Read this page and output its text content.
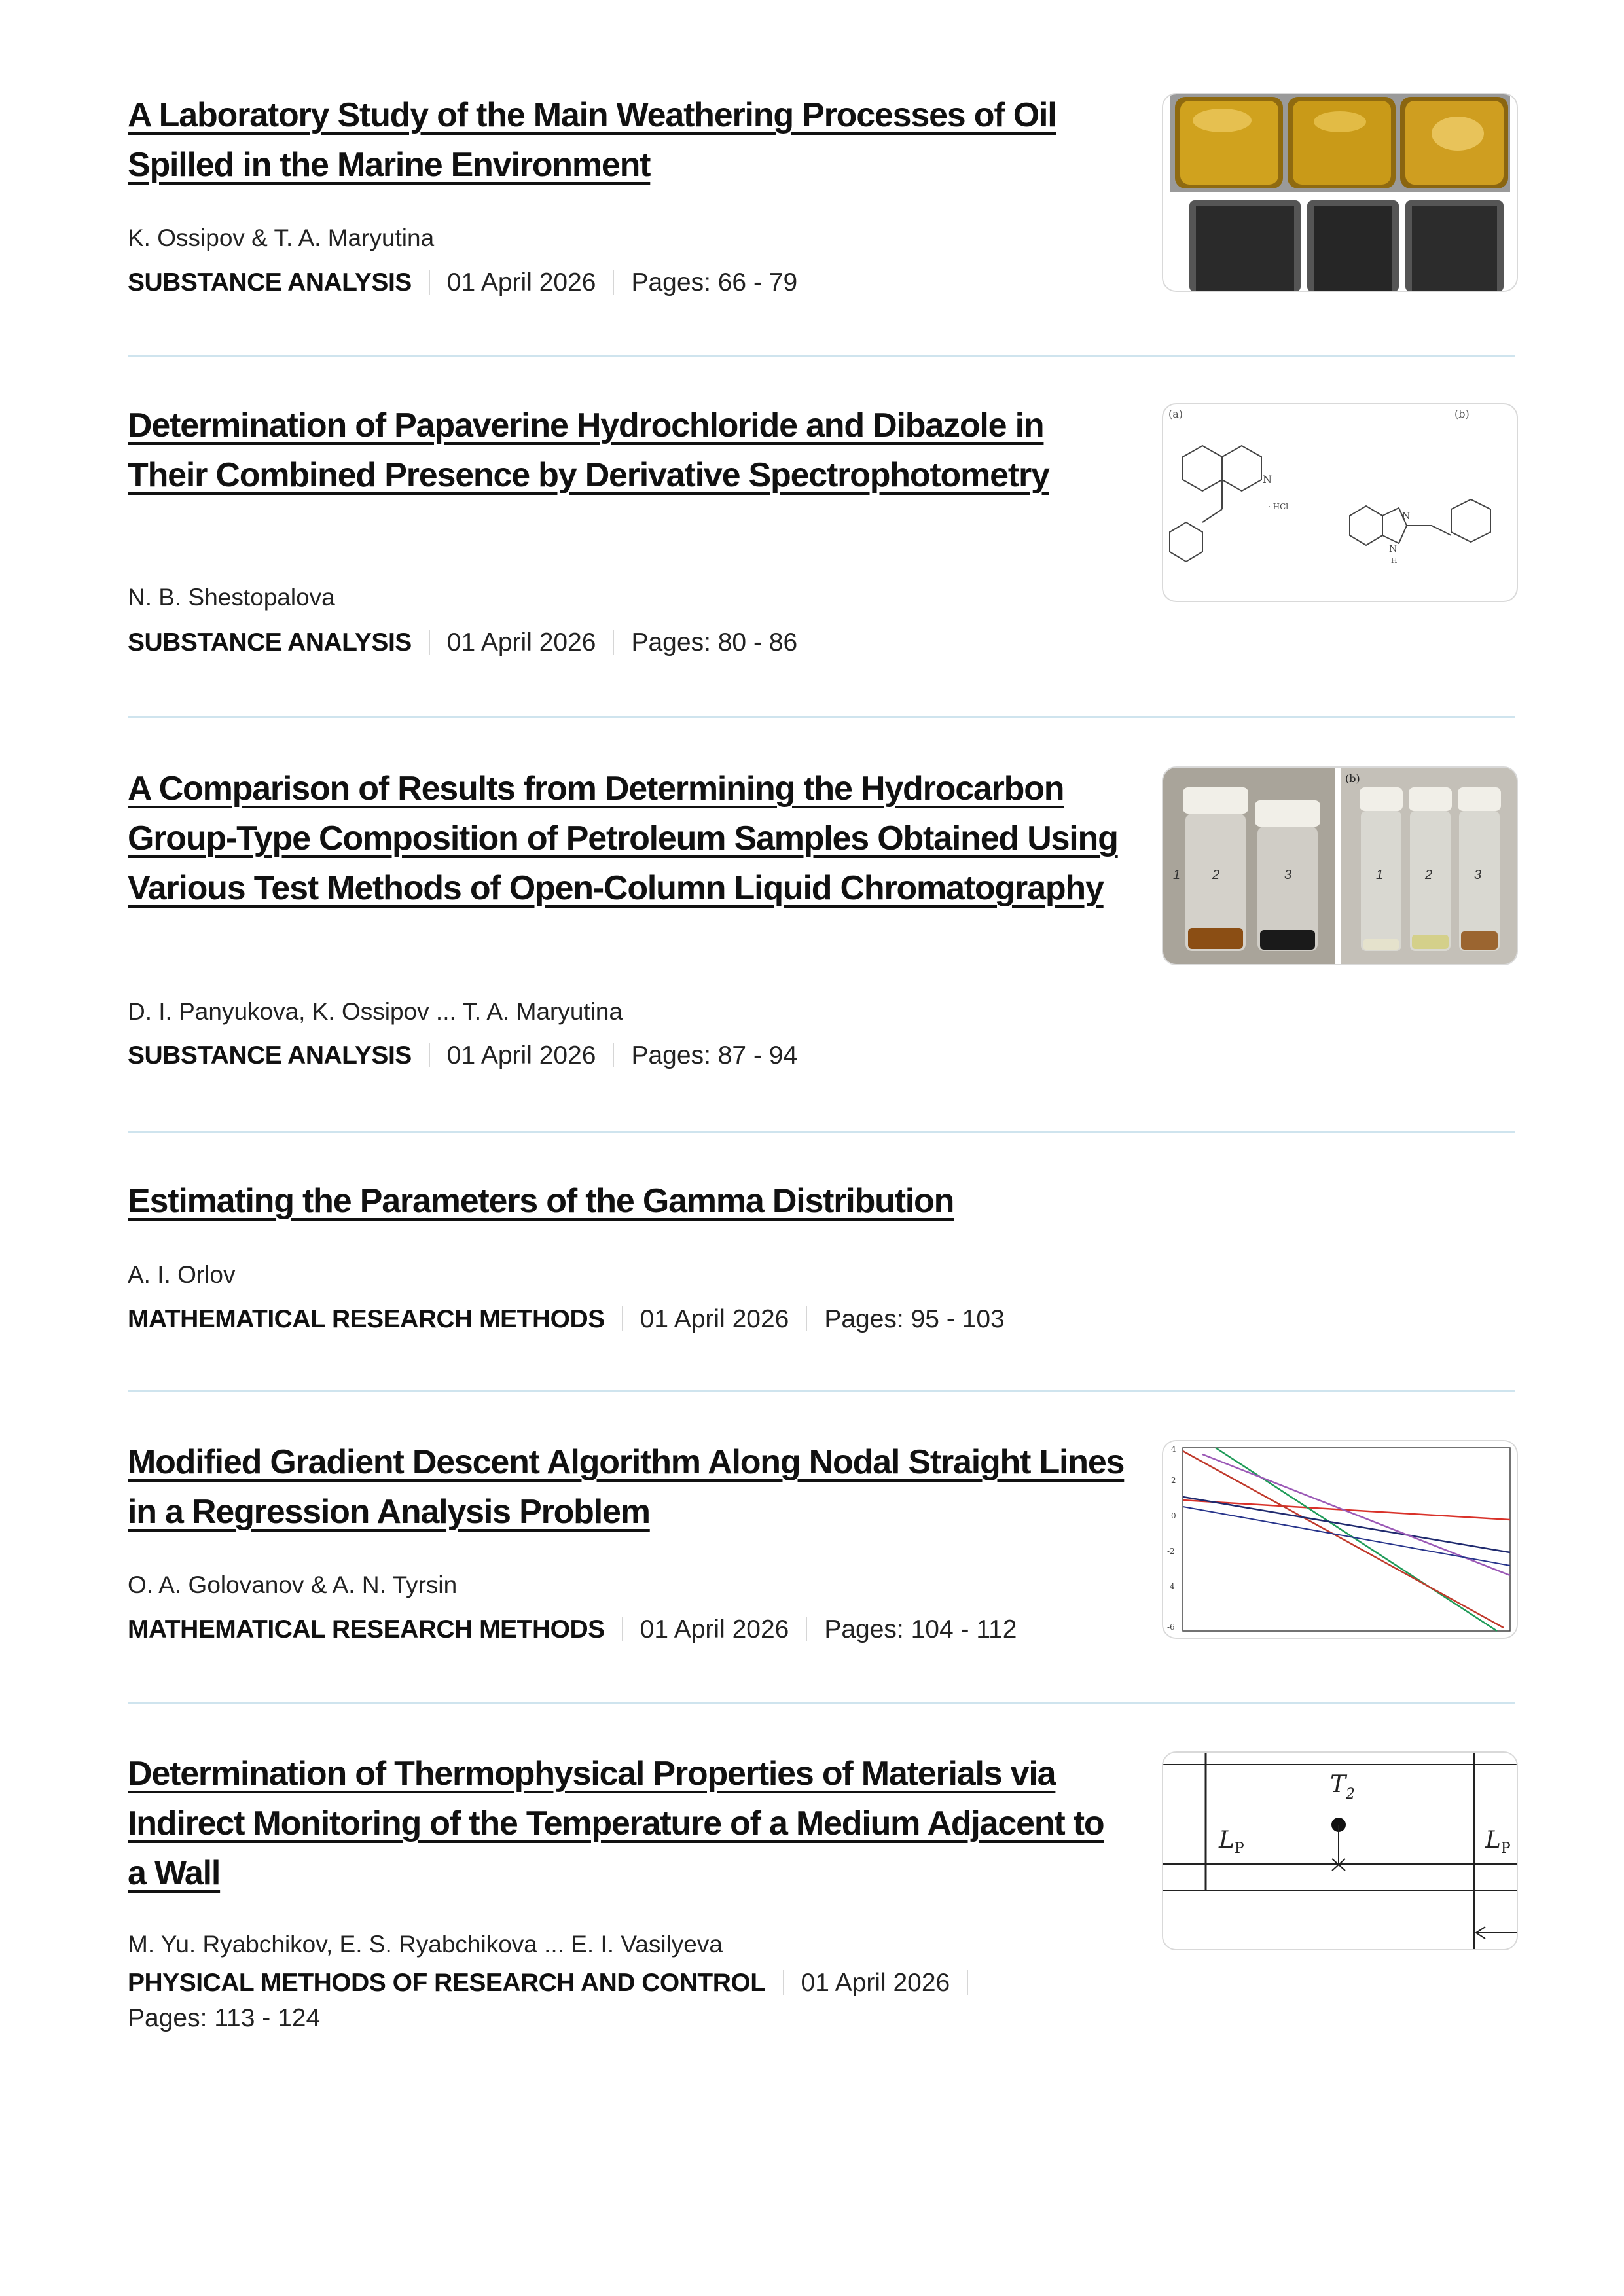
A Laboratory Study of the Main Weathering Processes of Oil Spilled in the Marine Environment
K. Ossipov & T. A. Maryutina
SUBSTANCE ANALYSIS 01 April 2026 Pages: 66 - 79
Determination of Papaverine Hydrochloride and Dibazole in Their Combined Presence by Derivative Spectrophotometry
N. B. Shestopalova
SUBSTANCE ANALYSIS 01 April 2026 Pages: 80 - 86
(a)	(b)
N
· HCl
N
N
H
A Comparison of Results from Determining the Hydrocarbon Group-Type Composition of Petroleum Samples Obtained Using Various Test Methods of Open-Column Liquid Chromatography
D. I. Panyukova, K. Ossipov ... T. A. Maryutina
SUBSTANCE ANALYSIS 01 April 2026 Pages: 87 - 94
1 2	3
(b)
1	2	3
Estimating the Parameters of the Gamma Distribution
A. I. Orlov
MATHEMATICAL RESEARCH METHODS 01 April 2026 Pages: 95 - 103
Modified Gradient Descent Algorithm Along Nodal Straight Lines in a Regression Analysis Problem
O. A. Golovanov & A. N. Tyrsin
MATHEMATICAL RESEARCH METHODS 01 April 2026 Pages: 104 - 112
4
2
0
-2
-4
-6
Determination of Thermophysical Properties of Materials via Indirect Monitoring of the Temperature of a Medium Adjacent to a Wall
M. Yu. Ryabchikov, E. S. Ryabchikova ... E. I. Vasilyeva
PHYSICAL METHODS OF RESEARCH AND CONTROL 01 April 2026
Pages: 113 - 124
$T_2$
$L_P$	$L_P$
